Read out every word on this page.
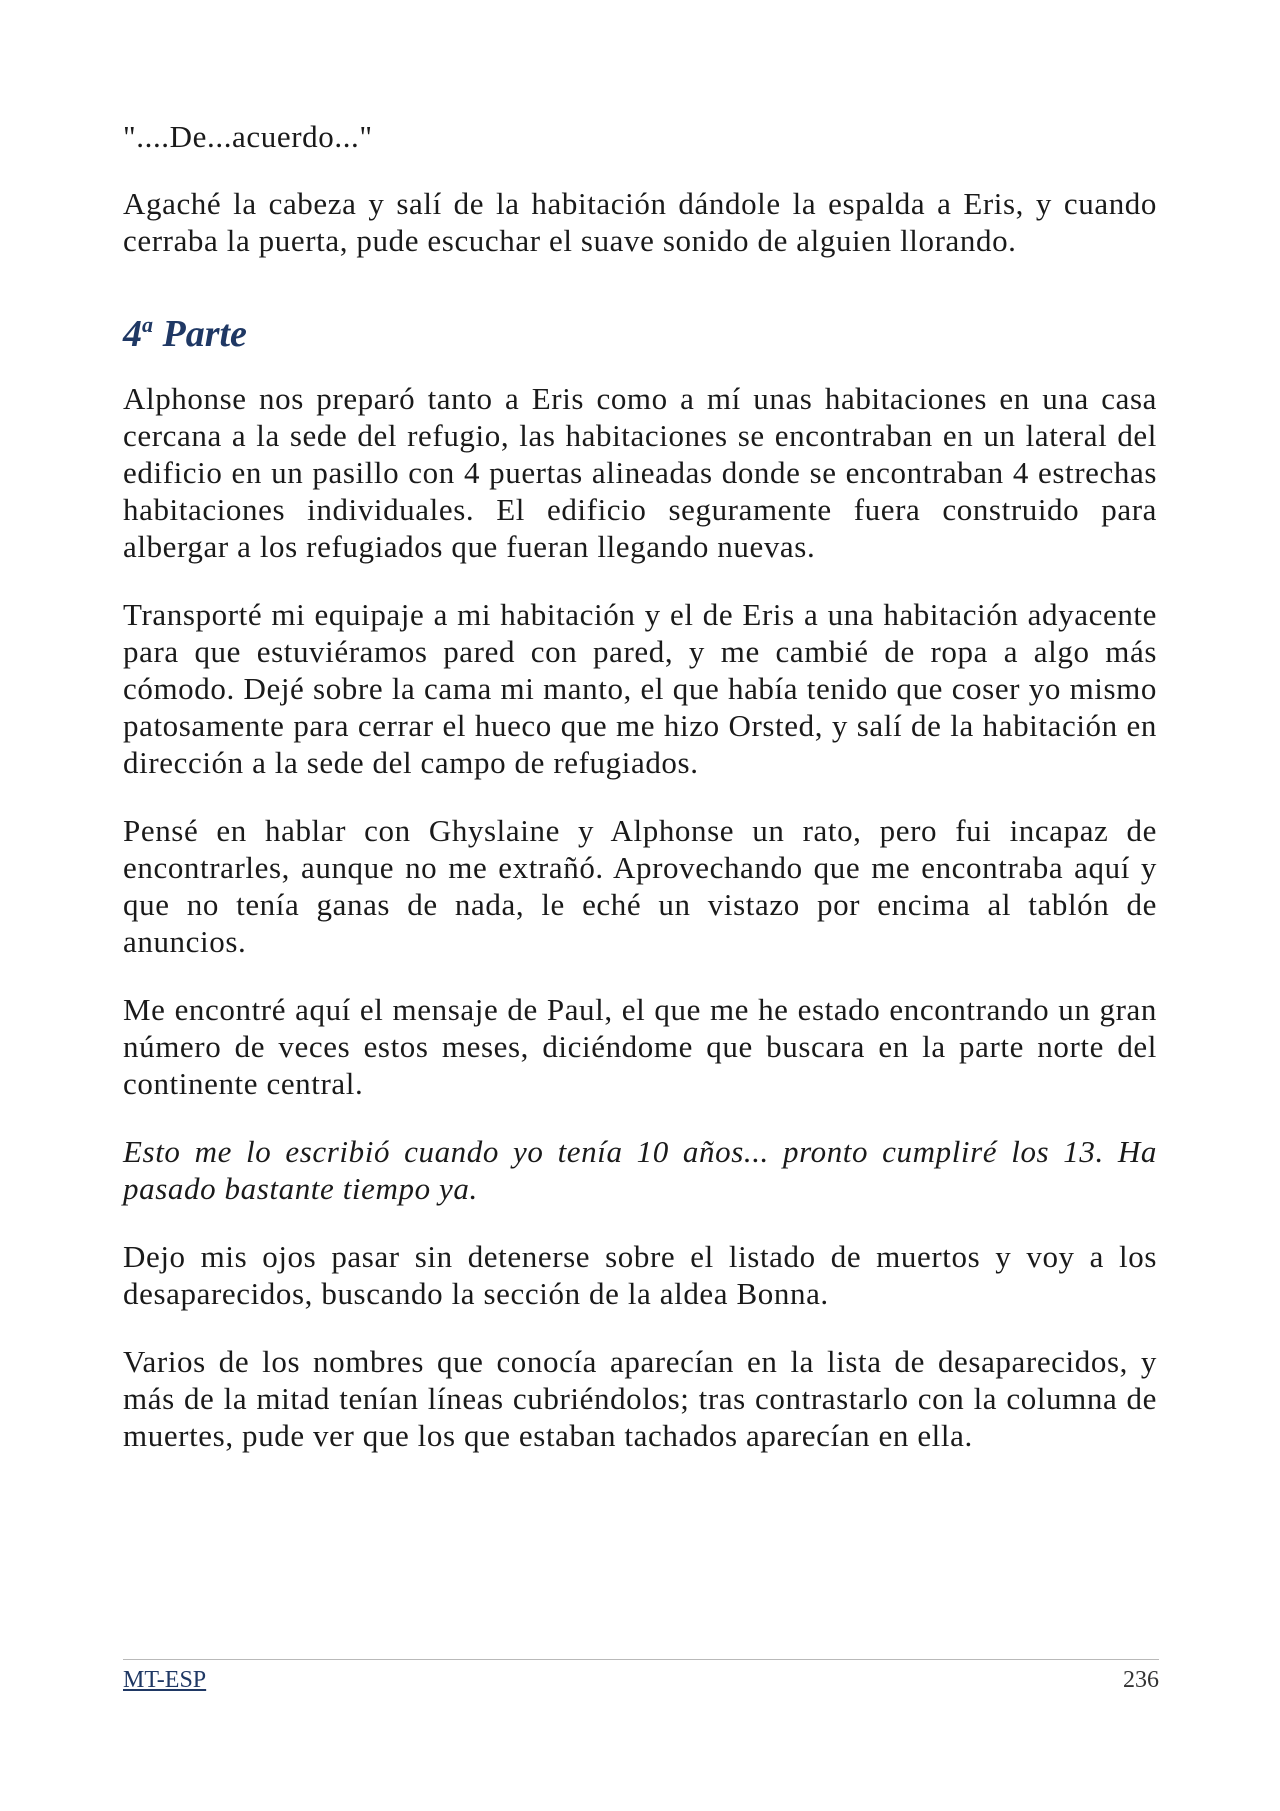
"....De...acuerdo..."

Agaché la cabeza y salí de la habitación dándole la espalda a Eris, y cuando cerraba la puerta, pude escuchar el suave sonido de alguien llorando.

4$^a$ Parte

Alphonse nos preparó tanto a Eris como a mí unas habitaciones en una casa cercana a la sede del refugio, las habitaciones se encontraban en un lateral del edificio en un pasillo con 4 puertas alineadas donde se encontraban 4 estrechas habitaciones individuales. El edificio seguramente fuera construido para albergar a los refugiados que fueran llegando nuevas.

Transporté mi equipaje a mi habitación y el de Eris a una habitación adyacente para que estuviéramos pared con pared, y me cambié de ropa a algo más cómodo. Dejé sobre la cama mi manto, el que había tenido que coser yo mismo patosamente para cerrar el hueco que me hizo Orsted, y salí de la habitación en dirección a la sede del campo de refugiados.

Pensé en hablar con Ghyslaine y Alphonse un rato, pero fui incapaz de encontrarles, aunque no me extrañó. Aprovechando que me encontraba aquí y que no tenía ganas de nada, le eché un vistazo por encima al tablón de anuncios.

Me encontré aquí el mensaje de Paul, el que me he estado encontrando un gran número de veces estos meses, diciéndome que buscara en la parte norte del continente central.

Esto me lo escribió cuando yo tenía 10 años... pronto cumpliré los 13. Ha pasado bastante tiempo ya.

Dejo mis ojos pasar sin detenerse sobre el listado de muertos y voy a los desaparecidos, buscando la sección de la aldea Bonna.

Varios de los nombres que conocía aparecían en la lista de desaparecidos, y más de la mitad tenían líneas cubriéndolos; tras contrastarlo con la columna de muertes, pude ver que los que estaban tachados aparecían en ella.

MT-ESP	236
